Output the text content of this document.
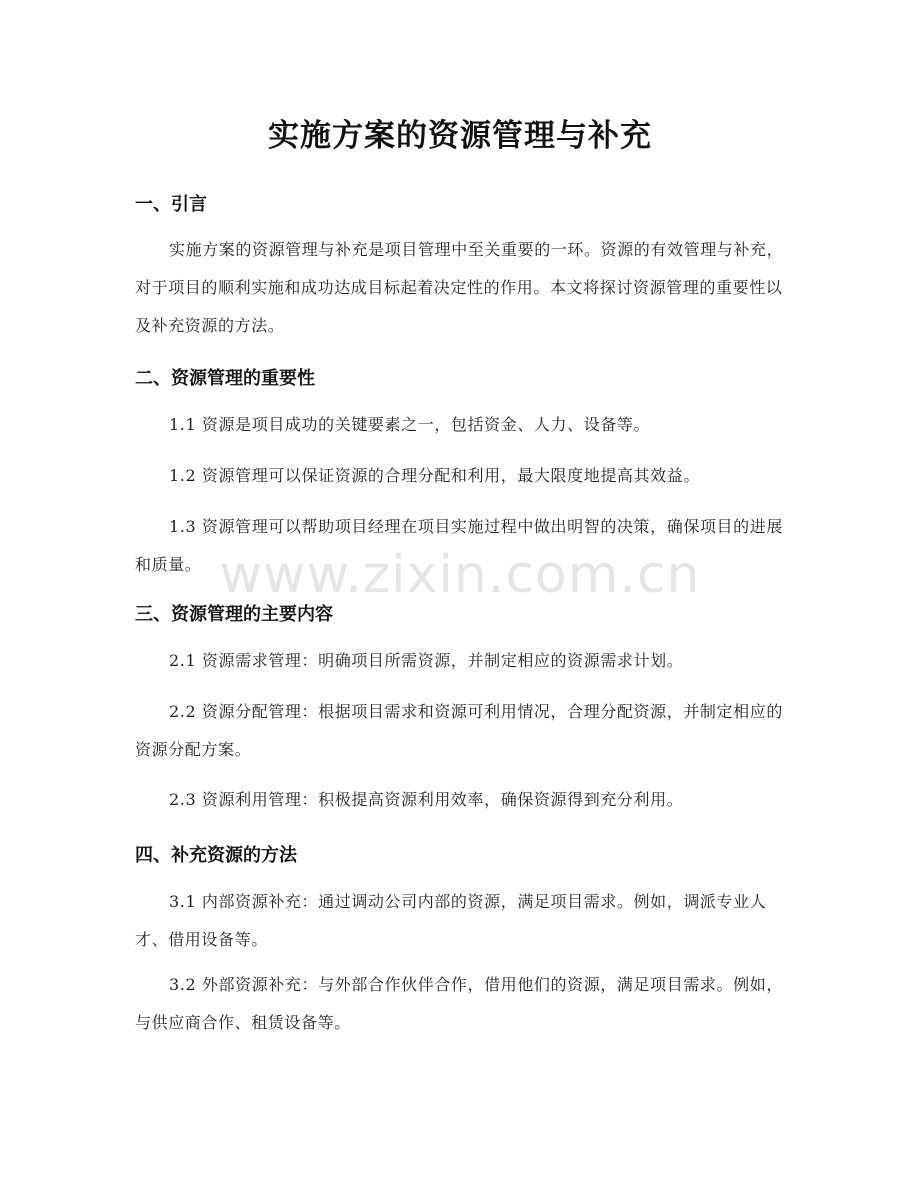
实施方案的资源管理与补充
一、引言

实施方案的资源管理与补充是项目管理中至关重要的一环。资源的有效管理与补充，对于项目的顺利实施和成功达成目标起着决定性的作用。本文将探讨资源管理的重要性以及补充资源的方法。

二、资源管理的重要性

1.1 资源是项目成功的关键要素之一，包括资金、人力、设备等。

1.2 资源管理可以保证资源的合理分配和利用，最大限度地提高其效益。

1.3 资源管理可以帮助项目经理在项目实施过程中做出明智的决策，确保项目的进展和质量。

三、资源管理的主要内容

2.1 资源需求管理：明确项目所需资源，并制定相应的资源需求计划。

2.2 资源分配管理：根据项目需求和资源可利用情况，合理分配资源，并制定相应的资源分配方案。

2.3 资源利用管理：积极提高资源利用效率，确保资源得到充分利用。

四、补充资源的方法

3.1 内部资源补充：通过调动公司内部的资源，满足项目需求。例如，调派专业人才、借用设备等。

3.2 外部资源补充：与外部合作伙伴合作，借用他们的资源，满足项目需求。例如，与供应商合作、租赁设备等。

www.zixin.com.cn
